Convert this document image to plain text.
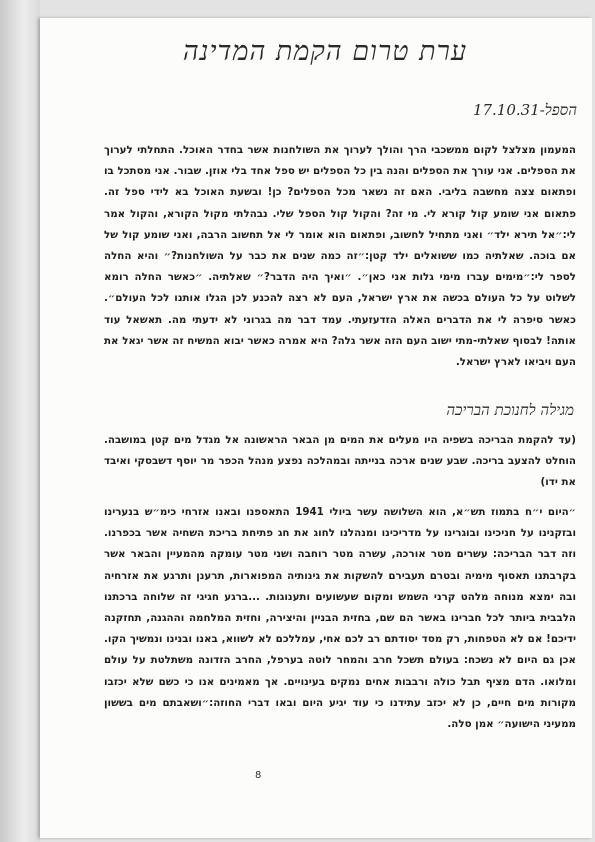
ערת טרום הקמת המדינה
הספל-17.10.31

המעמון מצלצל לקום ממשכבי הרך והולך לערוך את השולחנות אשר בחדר האוכל. התחלתי לערוך את הספלים. אני עורך את הספלים והנה בין כל הספלים יש ספל אחד בלי אוזן. שבור. אני מסתכל בו ופתאום צצה מחשבה בליבי. האם זה נשאר מכל הספלים? כן! ובשעת האוכל בא לידי ספל זה. פתאום אני שומע קול קורא לי. מי זה? והקול קול הספל שלי. נבהלתי מקול הקורא, והקול אמר לי:״אל תירא ילד״ ואני מתחיל לחשוב, ופתאום הוא אומר לי אל תחשוב הרבה, ואני שומע קול של אם בוכה. שאלתיה כמו ששואלים ילד קטן:״זה כמה שנים את כבר על השולחנות?״ והיא החלה לספר לי:״מימים עברו מימי גלות אני כאן״. ״ואיך היה הדבר?״ שאלתיה. ״כאשר החלה רומא לשלוט על כל העולם בכשה את ארץ ישראל, העם לא רצה להכנע לכן הגלו אותנו לכל העולם״. כאשר סיפרה לי את הדברים האלה הזדעזעתי. עמד דבר מה בגרוני לא ידעתי מה. תאשאל עוד אותה! לבסוף שאלתי-מתי ישוב העם הזה אשר גלה? היא אמרה כאשר יבוא המשיח זה אשר יגאל את העם ויביאו לארץ ישראל.

מגילה לחנוכת הבריכה

(עד להקמת הבריכה בשפיה היו מעלים את המים מן הבאר הראשונה אל מגדל מים קטן במושבה. הוחלט להצעב בריכה. שבע שנים ארכה בנייתה ובמהלכה נפצע מנהל הכפר מר יוסף דשבסקי ואיבד את ידו)

״היום י״ח בתמוז תש״א, הוא השלושה עשר ביולי 1941 התאספנו ובאנו אזרחי כימ״ש בנערינו ובזקנינו על חניכינו ובוגרינו על מדריכינו ומנהלנו לחוג את חג פתיחת בריכת השחיה אשר בכפרנו. וזה דבר הבריכה: עשרים מטר אורכה, עשרה מטר רוחבה ושני מטר עומקה מהמעיין והבאר אשר בקרבתנו תאסוף מימיה ובטרם תעבירם להשקות את גינותיה המפוארות, תרענן ותרגע את אזרחיה ובה ימצא מנוחה מלהט קרני השמש ומקום שעשועים ותענוגות. ...ברגע חגיגי זה שלוחה ברכתנו הלבבית ביותר לכל חברינו באשר הם שם, בחזית הבניין והיצירה, וחזית המלחמה וההגנה, תחזקנה ידיכם! אם לא הטפחות, רק מסד יסודתם רב לכם אחי, עמללכם לא לשווא, באנו ובנינו ונמשיך הקו. אכן גם היום לא נשכח: בעולם תשכל חרב והמחר לוטה בערפל, החרב הזדונה משתלטת על עולם ומלואו. הדם מציף תבל כולה ורבבות אחים נמקים בעינויים. אך מאמינים אנו כי כשם שלא יכזבו מקורות מים חיים, כן לא יכזב עתידנו כי עוד יגיע היום ובאו דברי החוזה:״ושאבתם מים בששון ממעיני הישועה״ אמן סלה.

8
